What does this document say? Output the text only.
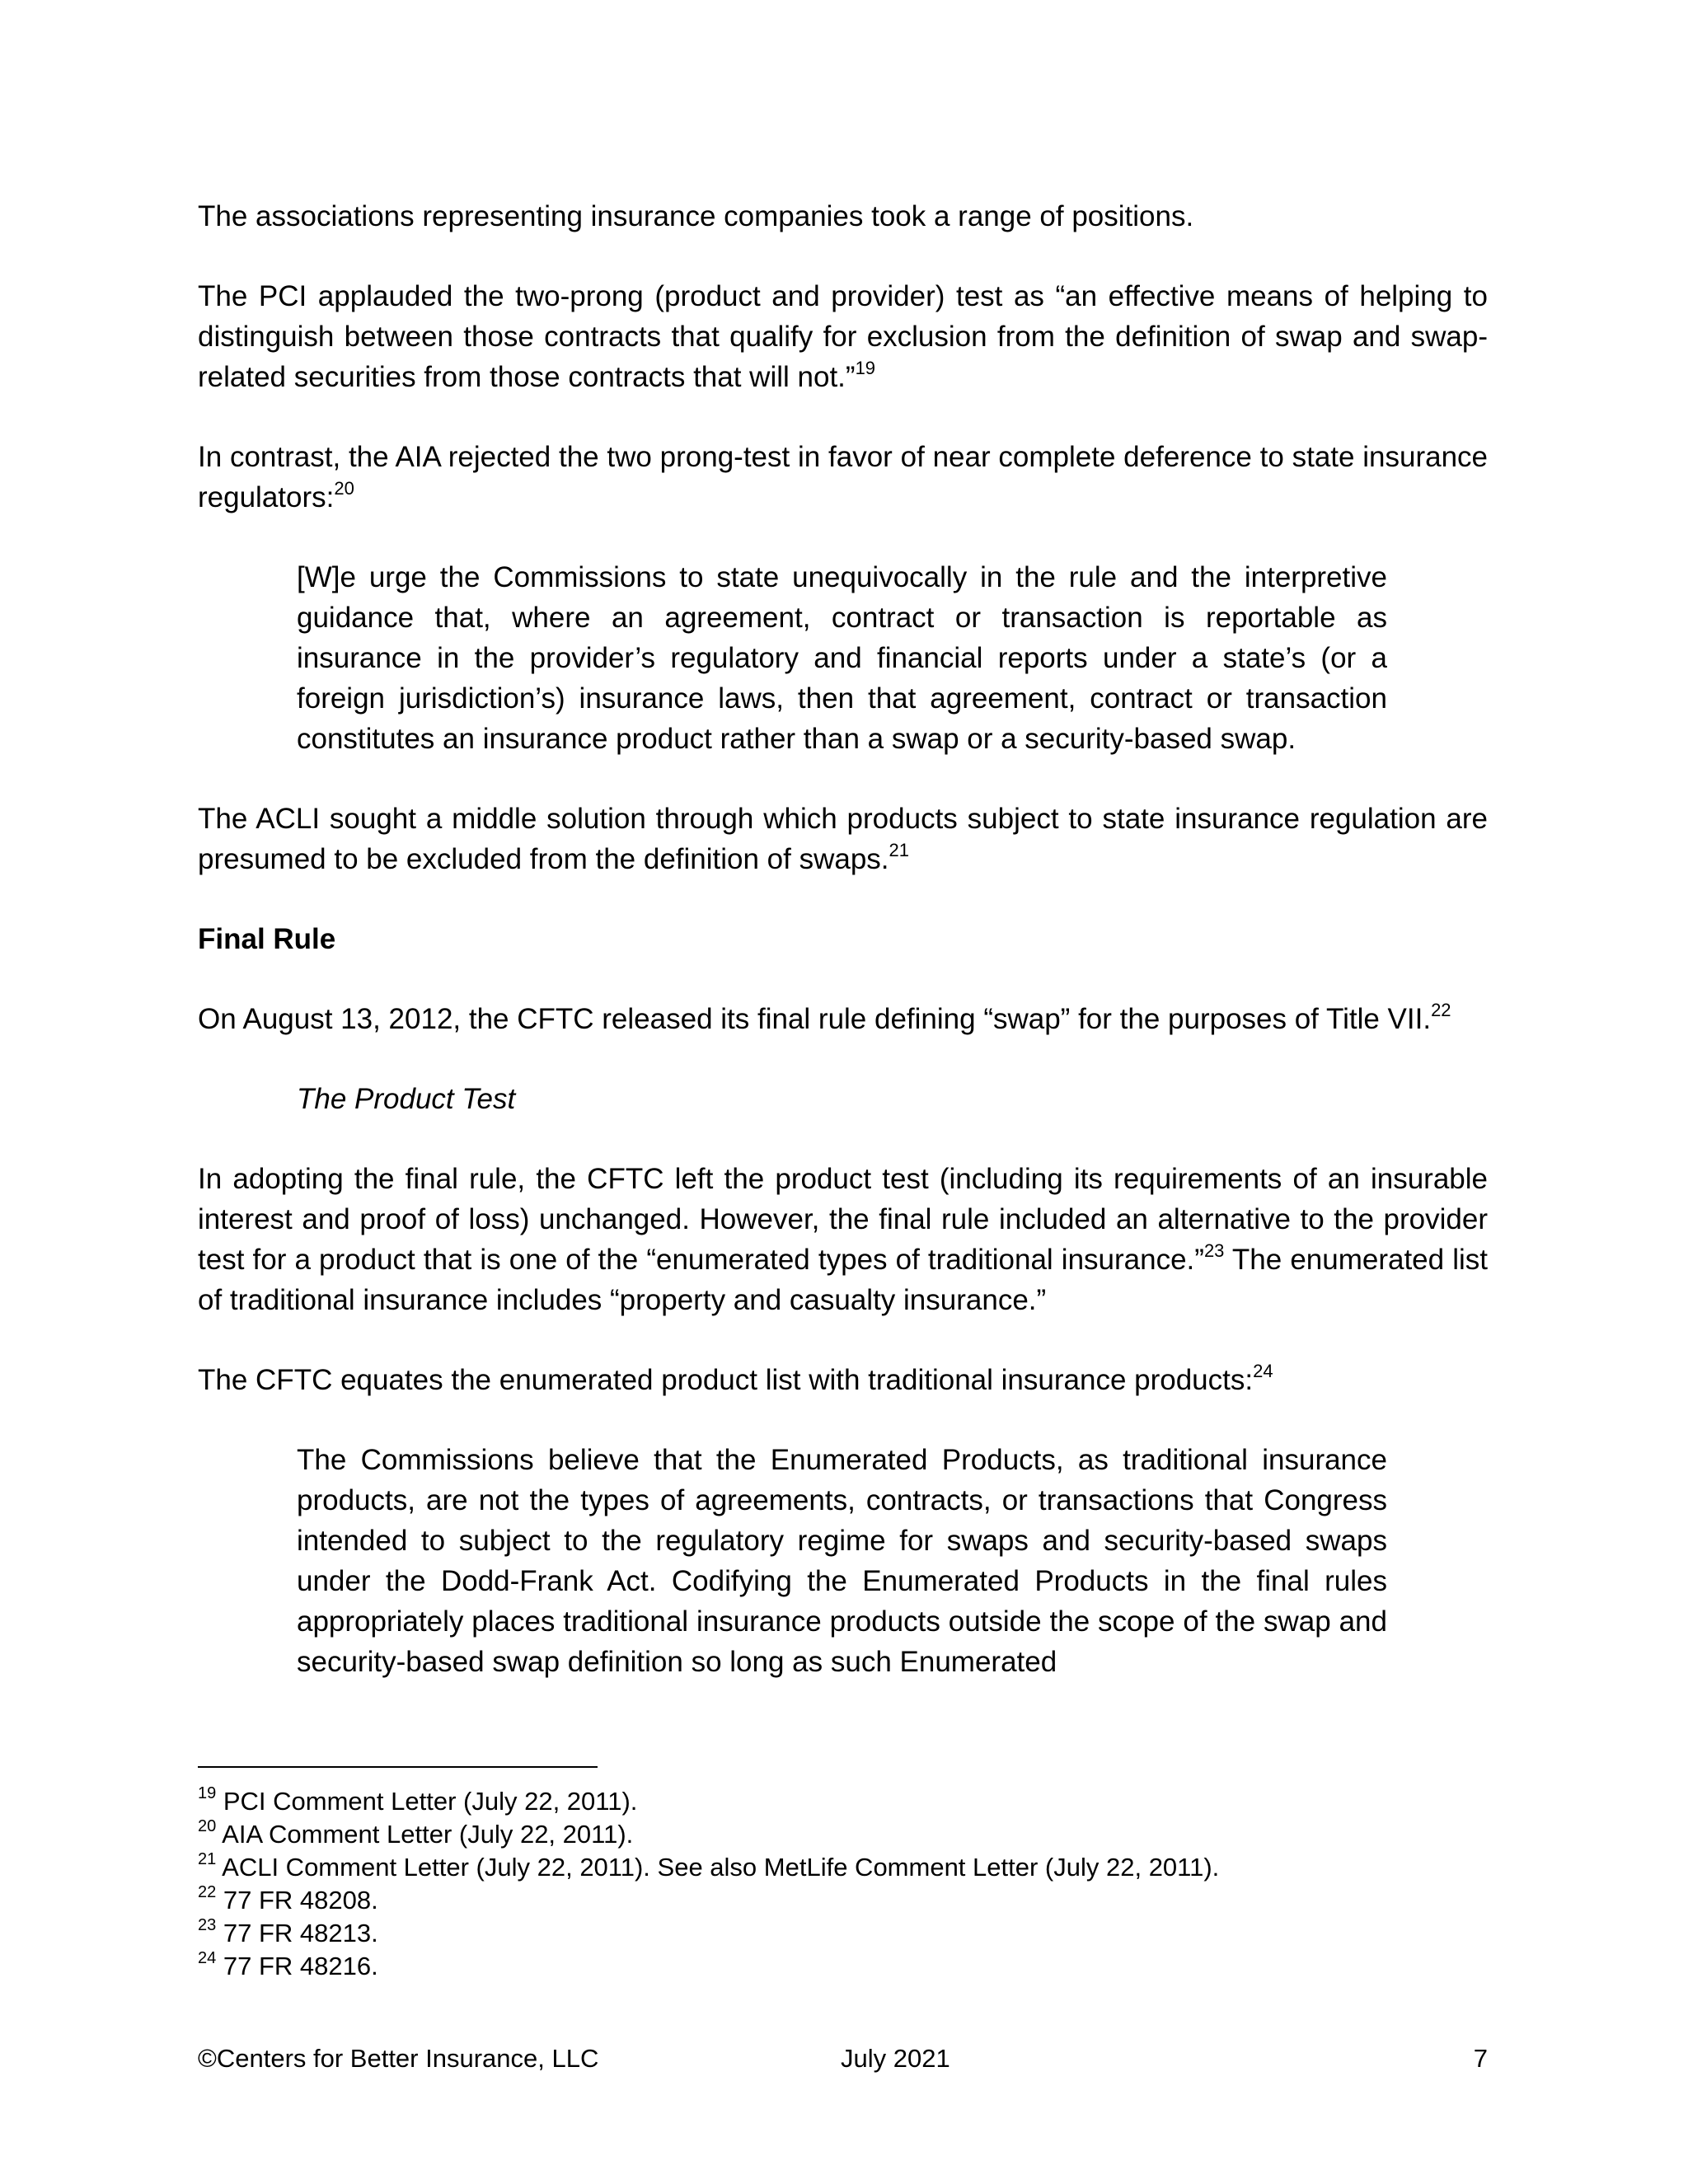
The associations representing insurance companies took a range of positions.

The PCI applauded the two-prong (product and provider) test as “an effective means of helping to distinguish between those contracts that qualify for exclusion from the definition of swap and swap-related securities from those contracts that will not.”$^{19}$

In contrast, the AIA rejected the two prong-test in favor of near complete deference to state insurance regulators:$^{20}$

[W]e urge the Commissions to state unequivocally in the rule and the interpretive guidance that, where an agreement, contract or transaction is reportable as insurance in the provider’s regulatory and financial reports under a state’s (or a foreign jurisdiction’s) insurance laws, then that agreement, contract or transaction constitutes an insurance product rather than a swap or a security-based swap.

The ACLI sought a middle solution through which products subject to state insurance regulation are presumed to be excluded from the definition of swaps.$^{21}$

Final Rule

On August 13, 2012, the CFTC released its final rule defining “swap” for the purposes of Title VII.$^{22}$

The Product Test

In adopting the final rule, the CFTC left the product test (including its requirements of an insurable interest and proof of loss) unchanged. However, the final rule included an alternative to the provider test for a product that is one of the “enumerated types of traditional insurance.”$^{23}$ The enumerated list of traditional insurance includes “property and casualty insurance.”

The CFTC equates the enumerated product list with traditional insurance products:$^{24}$

The Commissions believe that the Enumerated Products, as traditional insurance products, are not the types of agreements, contracts, or transactions that Congress intended to subject to the regulatory regime for swaps and security-based swaps under the Dodd-Frank Act. Codifying the Enumerated Products in the final rules appropriately places traditional insurance products outside the scope of the swap and security-based swap definition so long as such Enumerated

$^{19}$ PCI Comment Letter (July 22, 2011).

$^{20}$ AIA Comment Letter (July 22, 2011).

$^{21}$ ACLI Comment Letter (July 22, 2011). See also MetLife Comment Letter (July 22, 2011).

$^{22}$ 77 FR 48208.

$^{23}$ 77 FR 48213.

$^{24}$ 77 FR 48216.

©Centers for Better Insurance, LLC	July 2021	7
